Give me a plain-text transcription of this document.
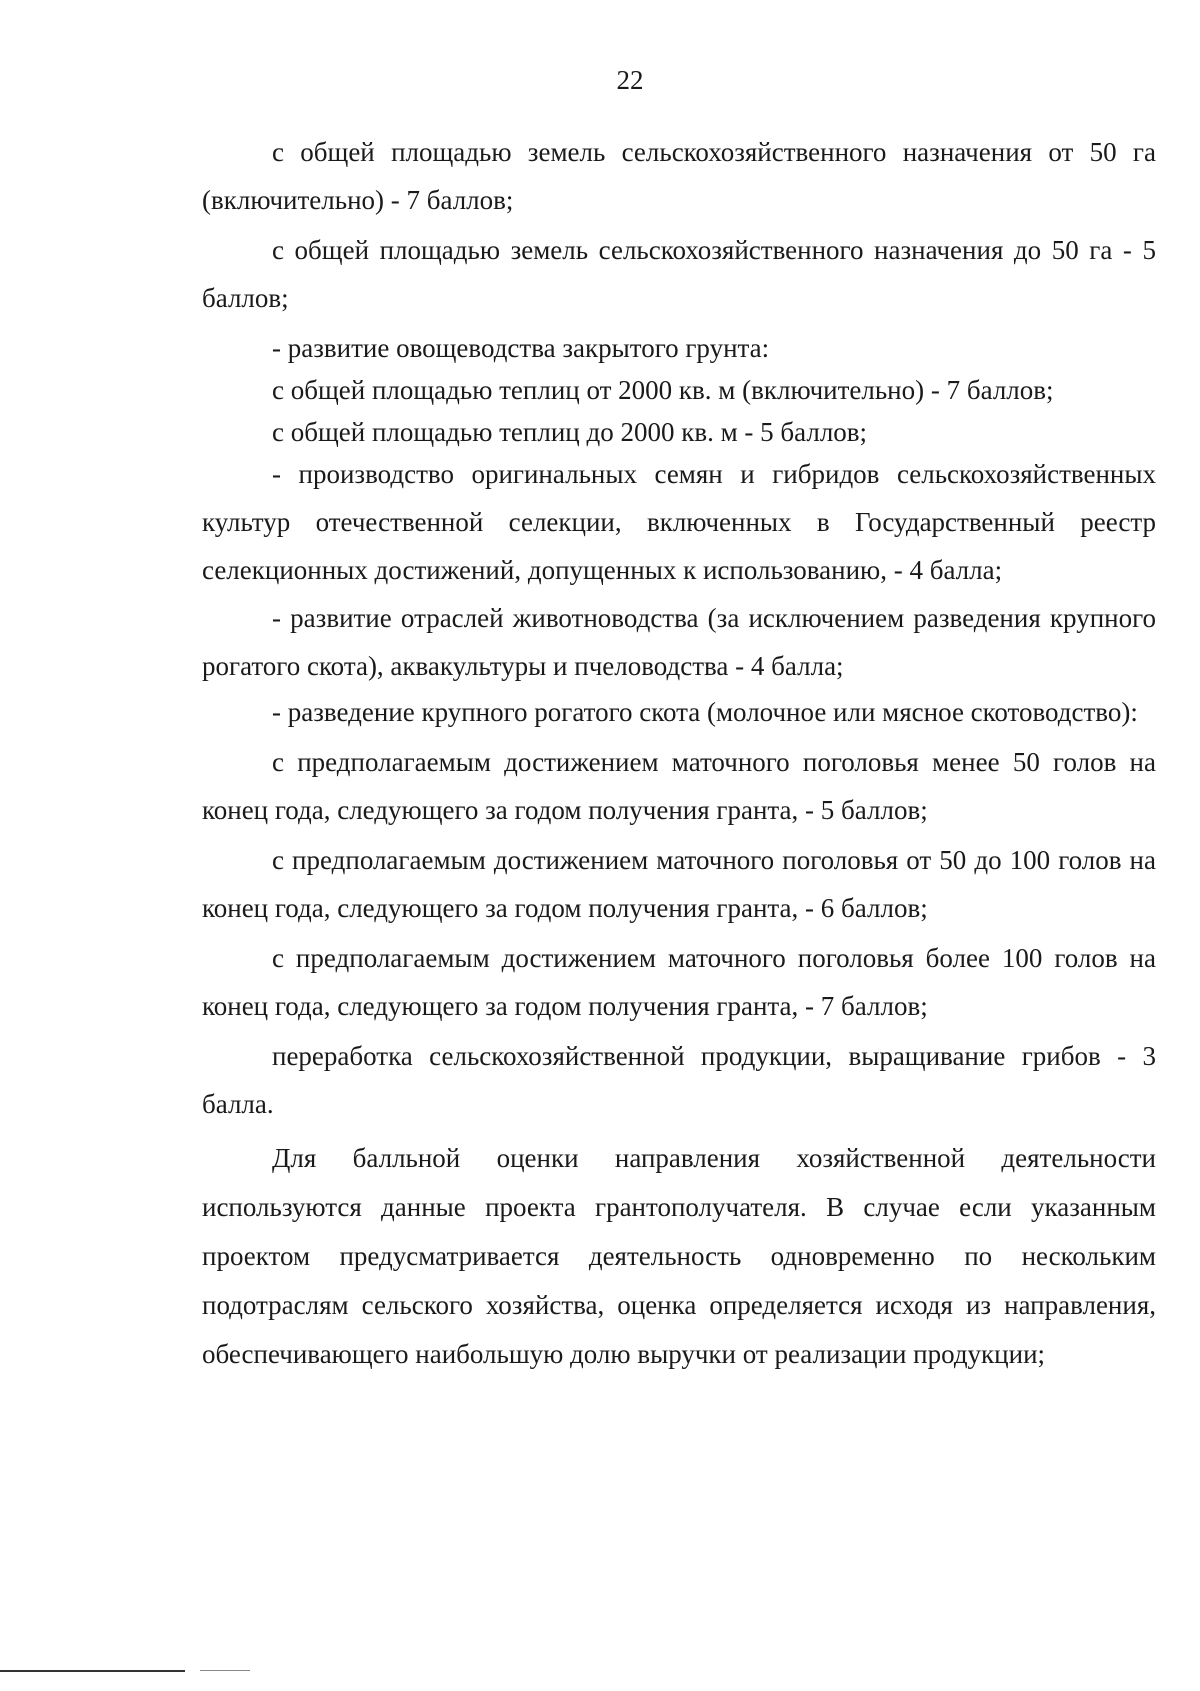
22

с общей площадью земель сельскохозяйственного назначения от 50 га (включительно) - 7 баллов;

с общей площадью земель сельскохозяйственного назначения до 50 га - 5 баллов;

- развитие овощеводства закрытого грунта:

с общей площадью теплиц от 2000 кв. м (включительно) - 7 баллов;

с общей площадью теплиц до 2000 кв. м - 5 баллов;

- производство оригинальных семян и гибридов сельскохозяйственных культур отечественной селекции, включенных в Государственный реестр селекционных достижений, допущенных к использованию, - 4 балла;

- развитие отраслей животноводства (за исключением разведения крупного рогатого скота), аквакультуры и пчеловодства - 4 балла;

- разведение крупного рогатого скота (молочное или мясное скотоводство):

с предполагаемым достижением маточного поголовья менее 50 голов на конец года, следующего за годом получения гранта, - 5 баллов;

с предполагаемым достижением маточного поголовья от 50 до 100 голов на конец года, следующего за годом получения гранта, - 6 баллов;

с предполагаемым достижением маточного поголовья более 100 голов на конец года, следующего за годом получения гранта, - 7 баллов;

переработка сельскохозяйственной продукции, выращивание грибов - 3 балла.

Для балльной оценки направления хозяйственной деятельности используются данные проекта грантополучателя. В случае если указанным проектом предусматривается деятельность одновременно по нескольким подотраслям сельского хозяйства, оценка определяется исходя из направления, обеспечивающего наибольшую долю выручки от реализации продукции;
